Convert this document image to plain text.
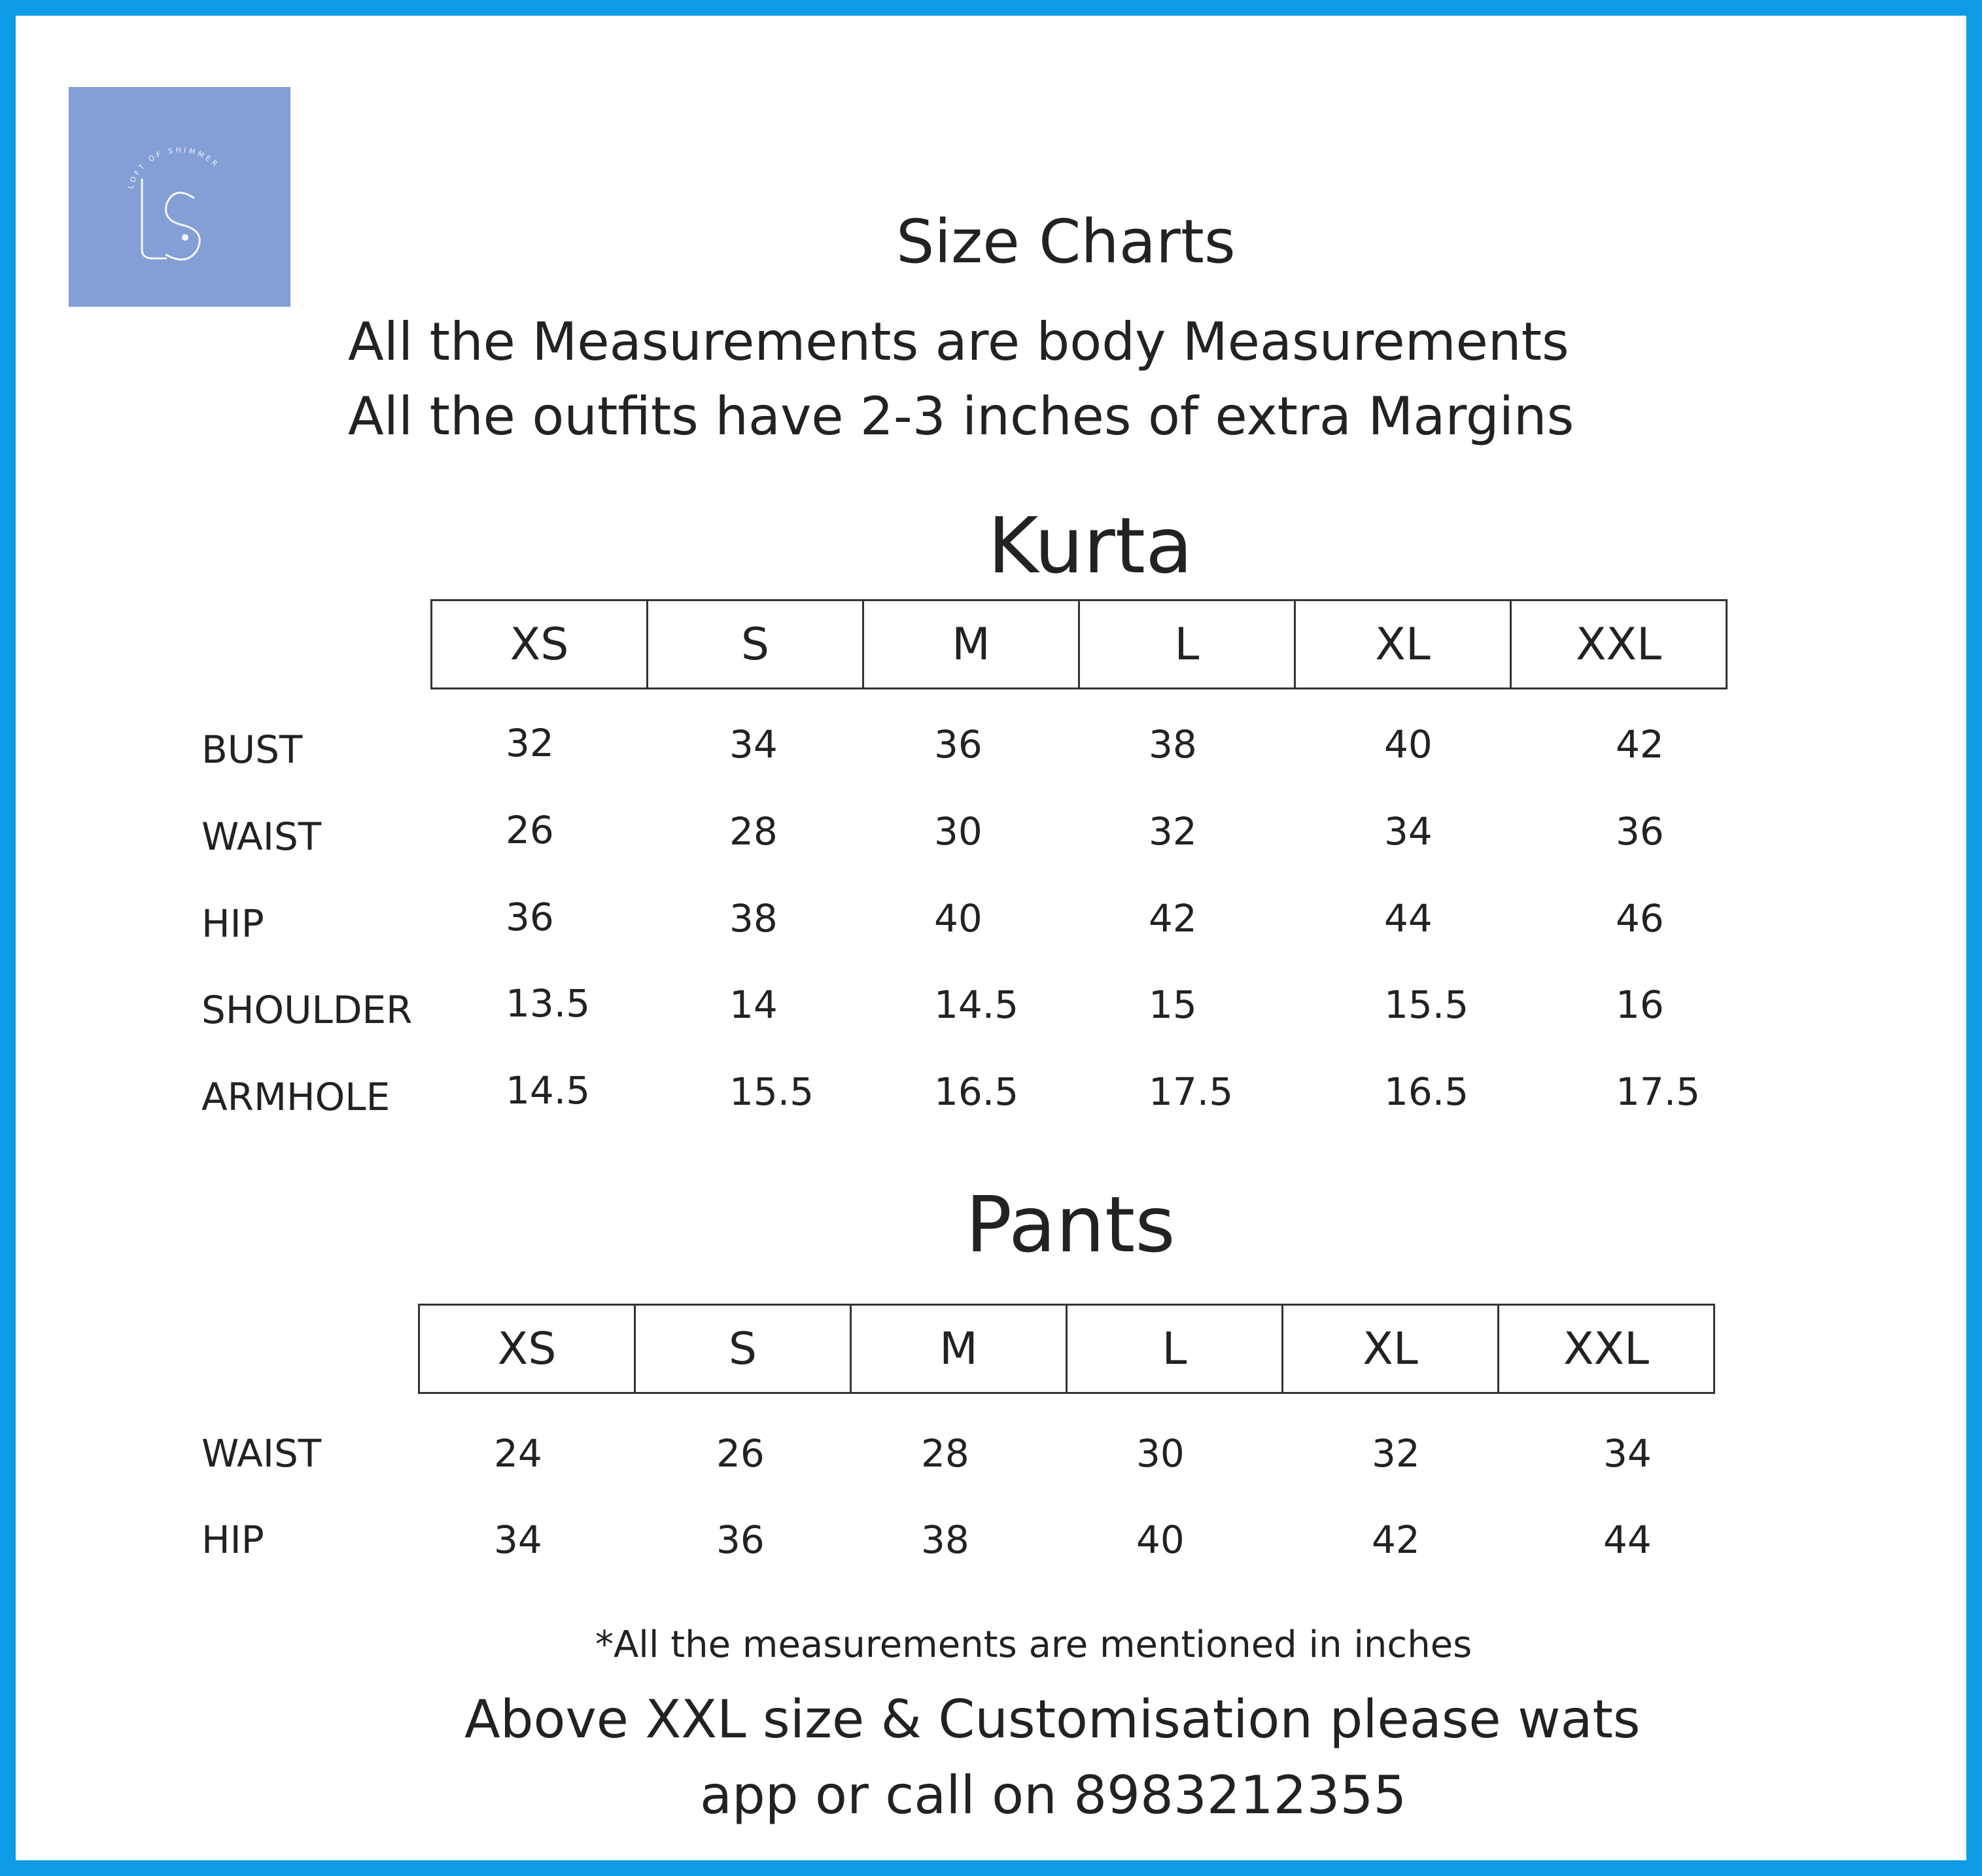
LOFT OF SHIMMER
Size Charts
All the Measurements are body Measurements
All the outfits have 2-3 inches of extra Margins
Kurta
XS	S	M	L	XL	XXL
BUST	32	34	36	38	40	42
WAIST	26	28	30	32	34	36
HIP	36	38	40	42	44	46
SHOULDER 13.5	14	14.5	15	15.5	16
ARMHOLE	14.5	15.5	16.5	17.5	16.5	17.5
Pants
XS	S	M	L	XL	XXL
WAIST	24	26	28	30	32	34
HIP	34	36	38	40	42	44
*All the measurements are mentioned in inches
Above XXL size & Customisation please wats
app or call on 8983212355
